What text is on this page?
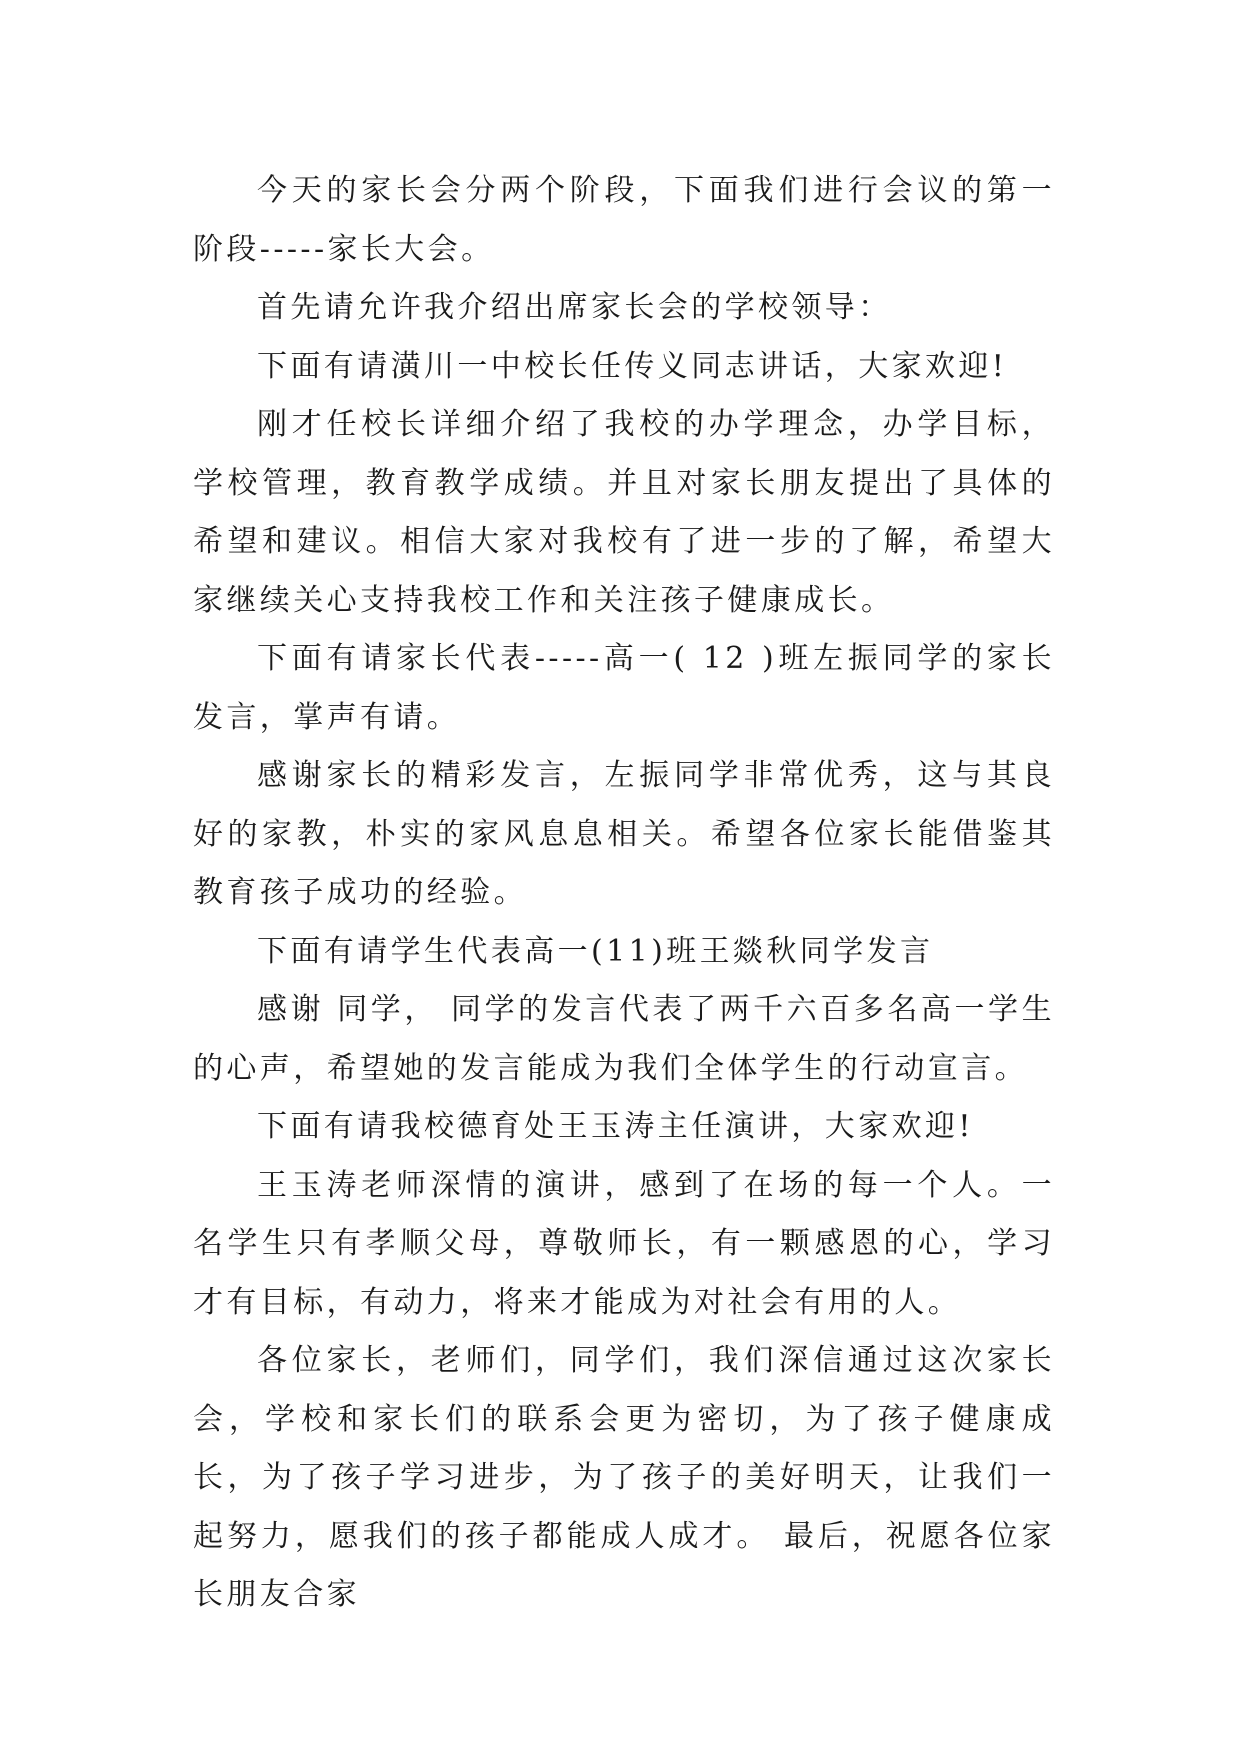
今天的家长会分两个阶段，下面我们进行会议的第一阶段-----家长大会。

首先请允许我介绍出席家长会的学校领导：

下面有请潢川一中校长任传义同志讲话，大家欢迎!

刚才任校长详细介绍了我校的办学理念，办学目标，学校管理，教育教学成绩。并且对家长朋友提出了具体的希望和建议。相信大家对我校有了进一步的了解，希望大家继续关心支持我校工作和关注孩子健康成长。

下面有请家长代表-----高一( 12 )班左振同学的家长发言，掌声有请。

感谢家长的精彩发言，左振同学非常优秀，这与其良好的家教，朴实的家风息息相关。希望各位家长能借鉴其教育孩子成功的经验。

下面有请学生代表高一(11)班王燚秋同学发言

感谢 同学， 同学的发言代表了两千六百多名高一学生的心声，希望她的发言能成为我们全体学生的行动宣言。

下面有请我校德育处王玉涛主任演讲，大家欢迎!

王玉涛老师深情的演讲，感到了在场的每一个人。一名学生只有孝顺父母，尊敬师长，有一颗感恩的心，学习才有目标，有动力，将来才能成为对社会有用的人。

各位家长，老师们，同学们，我们深信通过这次家长会，学校和家长们的联系会更为密切，为了孩子健康成长，为了孩子学习进步，为了孩子的美好明天，让我们一起努力，愿我们的孩子都能成人成才。 最后，祝愿各位家长朋友合家
